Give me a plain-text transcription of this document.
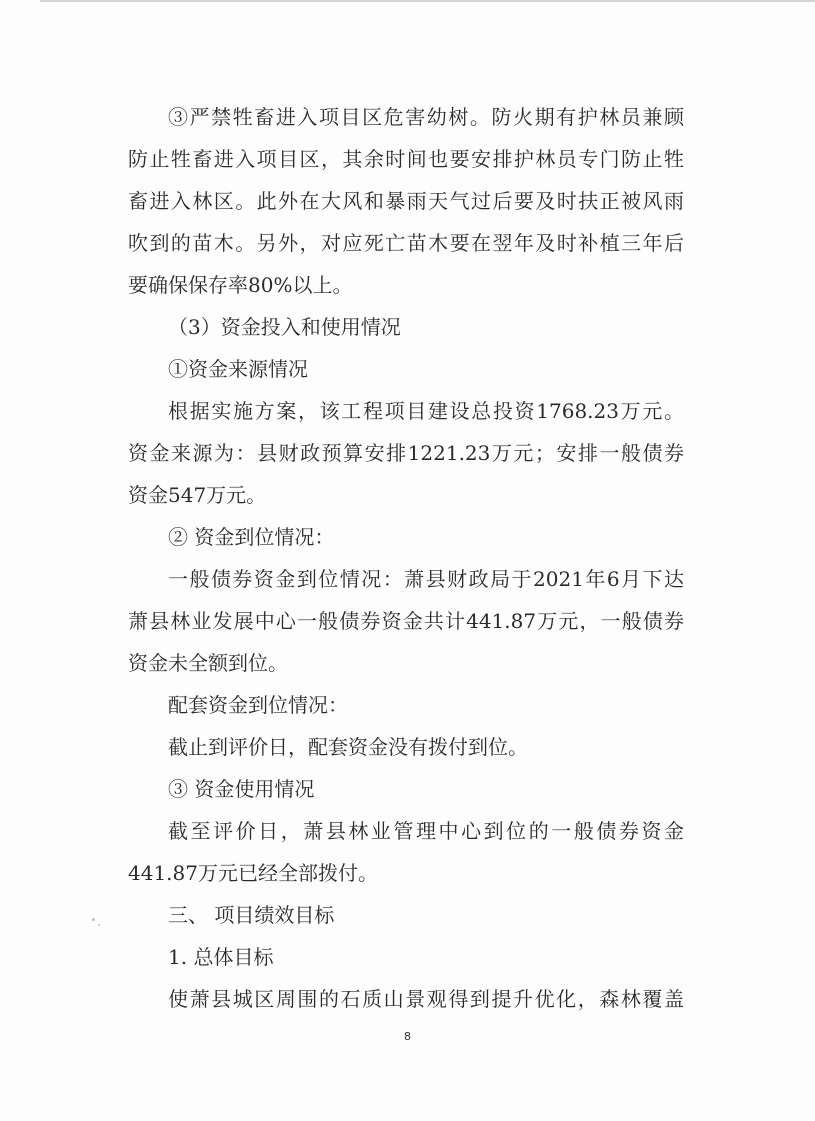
③严禁牲畜进入项目区危害幼树。防火期有护林员兼顾
防止牲畜进入项目区，其余时间也要安排护林员专门防止牲
畜进入林区。此外在大风和暴雨天气过后要及时扶正被风雨
吹到的苗木。另外，对应死亡苗木要在翌年及时补植三年后
要确保保存率80%以上。
（3）资金投入和使用情况
①资金来源情况
根据实施方案，该工程项目建设总投资1768.23万元。
资金来源为：县财政预算安排1221.23万元；安排一般债券
资金547万元。
② 资金到位情况：
一般债券资金到位情况：萧县财政局于2021年6月下达
萧县林业发展中心一般债券资金共计441.87万元，一般债券
资金未全额到位。
配套资金到位情况：
截止到评价日，配套资金没有拨付到位。
③ 资金使用情况
截至评价日，萧县林业管理中心到位的一般债券资金
441.87万元已经全部拨付。
三、 项目绩效目标
1. 总体目标
使萧县城区周围的石质山景观得到提升优化，森林覆盖
8
